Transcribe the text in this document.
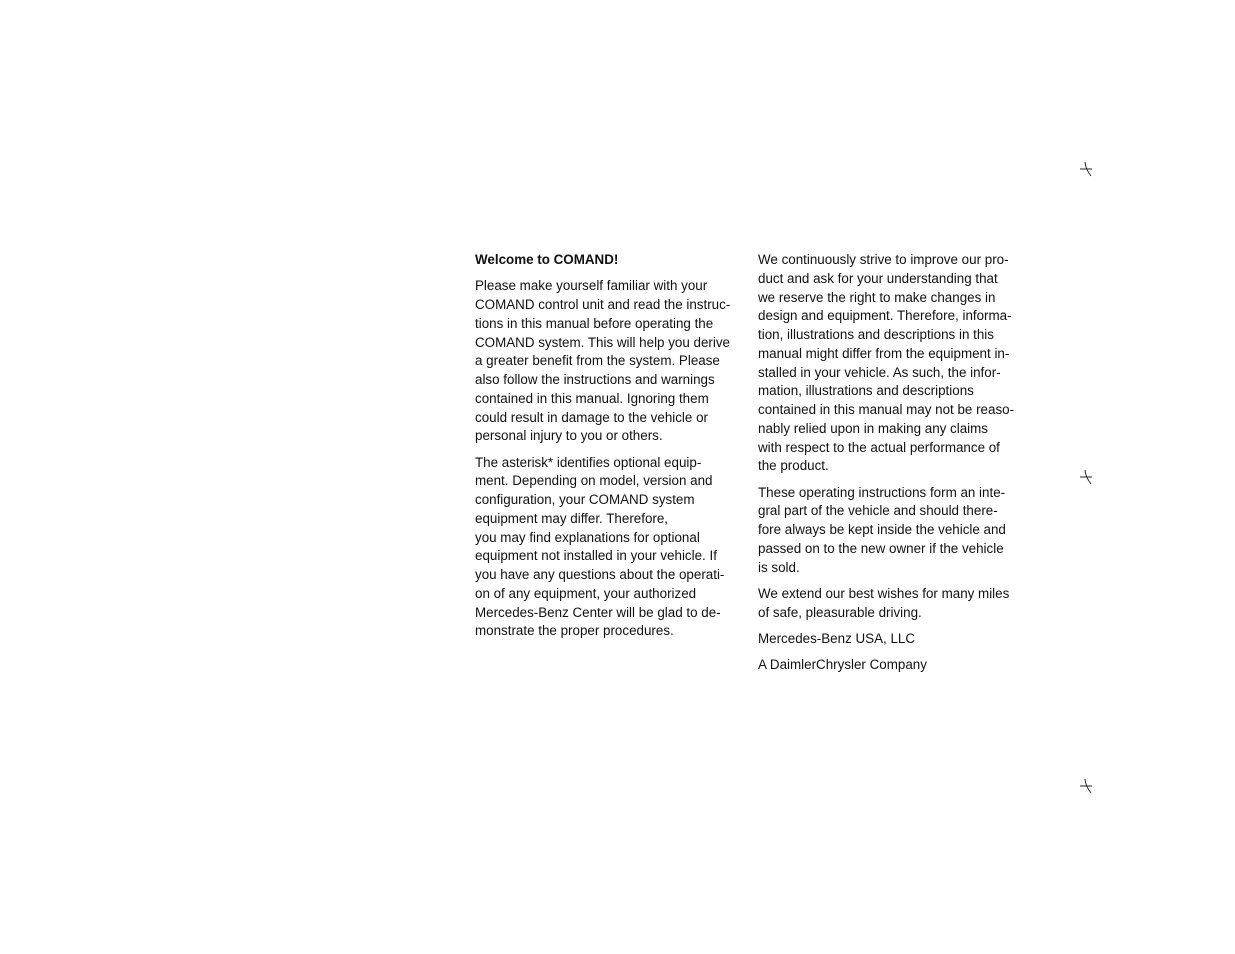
Welcome to COMAND!
Please make yourself familiar with your
COMAND control unit and read the instruc-
tions in this manual before operating the
COMAND system. This will help you derive
a greater benefit from the system. Please
also follow the instructions and warnings
contained in this manual. Ignoring them
could result in damage to the vehicle or
personal injury to you or others.
The asterisk* identifies optional equip-
ment. Depending on model, version and
configuration, your COMAND system
equipment may differ. Therefore,
you may find explanations for optional
equipment not installed in your vehicle. If
you have any questions about the operati-
on of any equipment, your authorized
Mercedes-Benz Center will be glad to de-
monstrate the proper procedures.
We continuously strive to improve our pro-
duct and ask for your understanding that
we reserve the right to make changes in
design and equipment. Therefore, informa-
tion, illustrations and descriptions in this
manual might differ from the equipment in-
stalled in your vehicle. As such, the infor-
mation, illustrations and descriptions
contained in this manual may not be reaso-
nably relied upon in making any claims
with respect to the actual performance of
the product.
These operating instructions form an inte-
gral part of the vehicle and should there-
fore always be kept inside the vehicle and
passed on to the new owner if the vehicle
is sold.
We extend our best wishes for many miles
of safe, pleasurable driving.
Mercedes-Benz USA, LLC
A DaimlerChrysler Company
